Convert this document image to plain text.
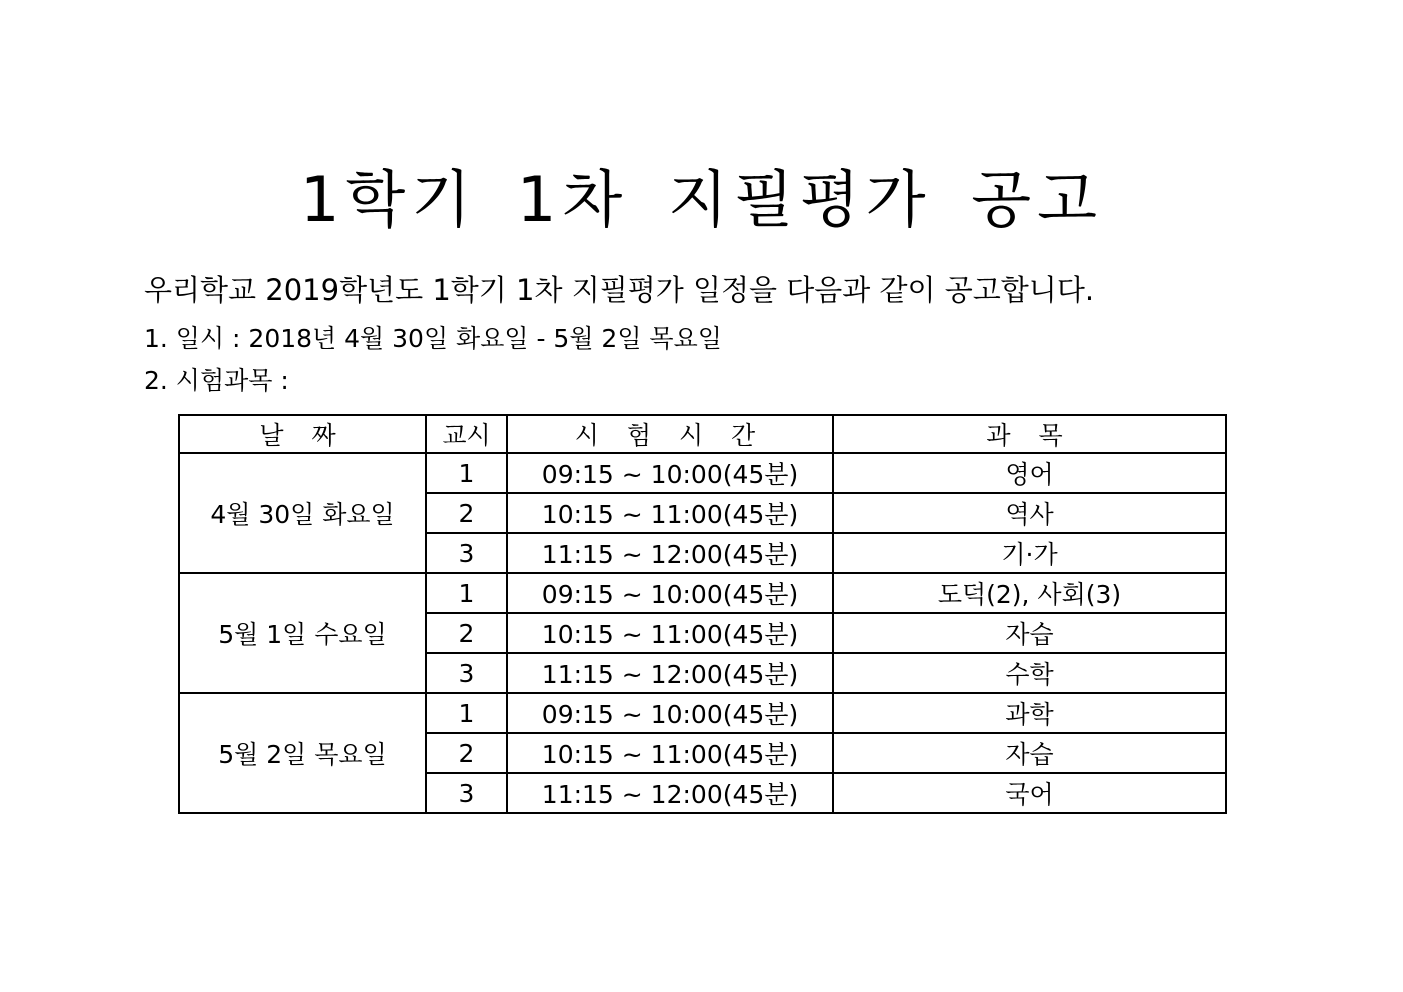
1학기 1차 지필평가 공고
우리학교 2019학년도 1학기 1차 지필평가 일정을 다음과 같이 공고합니다.
1. 일시 : 2018년 4월 30일 화요일 - 5월 2일 목요일
2. 시험과목 :
날 짜	교시	시 험 시 간	과 목
4월 30일 화요일	1	09:15 ~ 10:00(45분)	영어
	2	10:15 ~ 11:00(45분)	역사
	3	11:15 ~ 12:00(45분)	기·가
5월 1일 수요일	1	09:15 ~ 10:00(45분)	도덕(2), 사회(3)
	2	10:15 ~ 11:00(45분)	자습
	3	11:15 ~ 12:00(45분)	수학
5월 2일 목요일	1	09:15 ~ 10:00(45분)	과학
	2	10:15 ~ 11:00(45분)	자습
	3	11:15 ~ 12:00(45분)	국어
